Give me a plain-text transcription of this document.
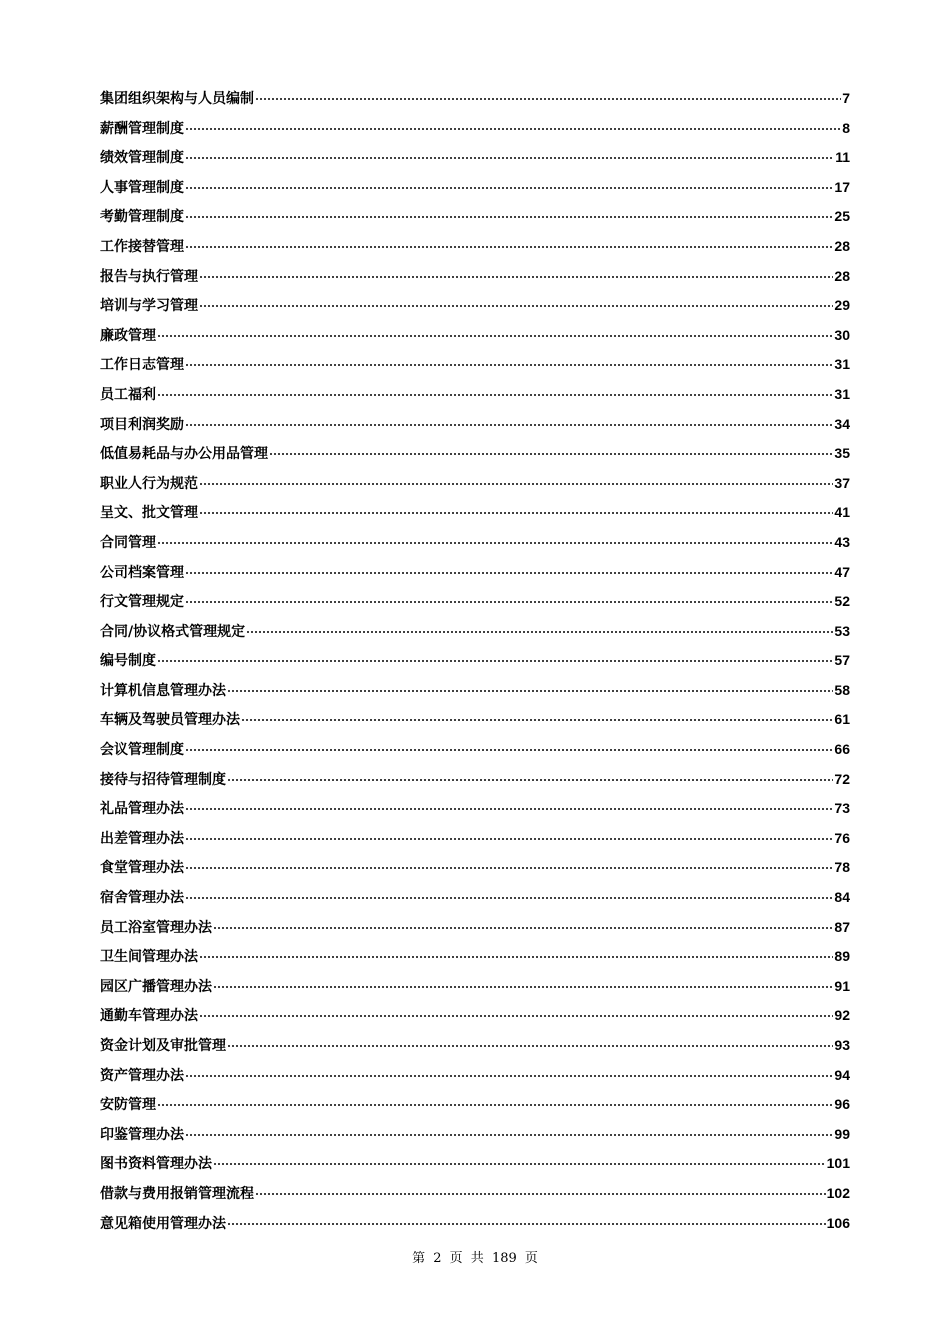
集团组织架构与人员编制	7
薪酬管理制度	8
绩效管理制度	11
人事管理制度	17
考勤管理制度	25
工作接替管理	28
报告与执行管理	28
培训与学习管理	29
廉政管理	30
工作日志管理	31
员工福利	31
项目利润奖励	34
低值易耗品与办公用品管理	35
职业人行为规范	37
呈文、批文管理	41
合同管理	43
公司档案管理	47
行文管理规定	52
合同/协议格式管理规定	53
编号制度	57
计算机信息管理办法	58
车辆及驾驶员管理办法	61
会议管理制度	66
接待与招待管理制度	72
礼品管理办法	73
出差管理办法	76
食堂管理办法	78
宿舍管理办法	84
员工浴室管理办法	87
卫生间管理办法	89
园区广播管理办法	91
通勤车管理办法	92
资金计划及审批管理	93
资产管理办法	94
安防管理	96
印鉴管理办法	99
图书资料管理办法	101
借款与费用报销管理流程	102
意见箱使用管理办法	106
第 2 页 共 189 页
